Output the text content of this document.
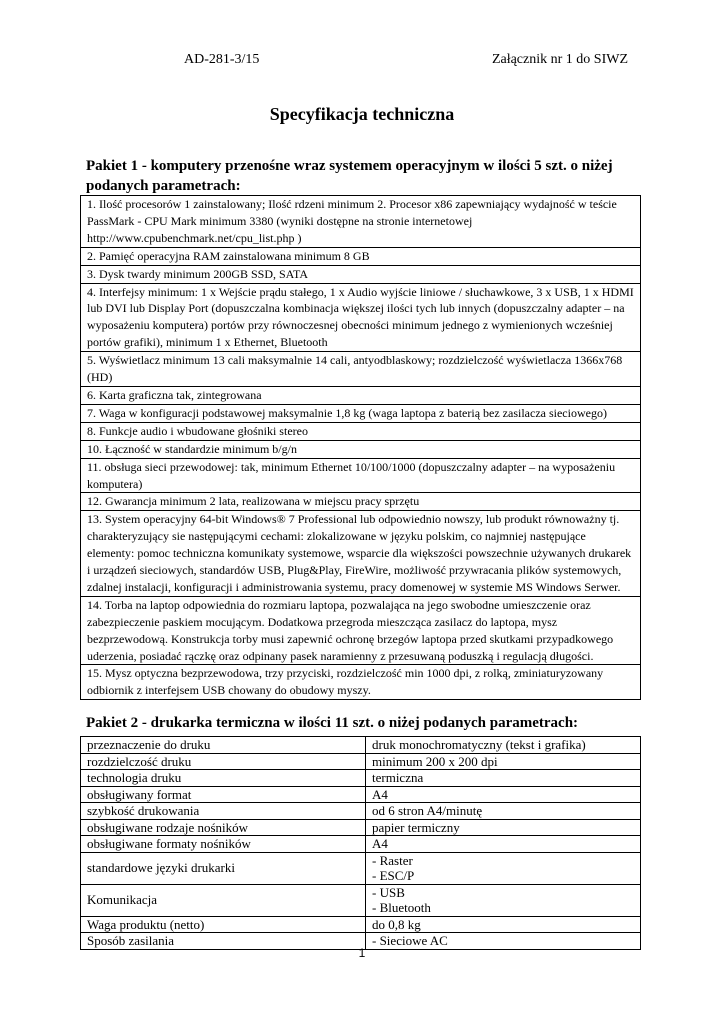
AD-281-3/15	Załącznik nr 1 do SIWZ
Specyfikacja techniczna
Pakiet 1 - komputery przenośne wraz systemem operacyjnym w ilości 5 szt. o niżej podanych parametrach:
1. Ilość procesorów 1 zainstalowany; Ilość rdzeni minimum 2. Procesor x86 zapewniający wydajność w teście PassMark - CPU Mark minimum 3380 (wyniki dostępne na stronie internetowej http://www.cpubenchmark.net/cpu_list.php )
2. Pamięć operacyjna RAM zainstalowana minimum 8 GB
3. Dysk twardy minimum 200GB SSD, SATA
4. Interfejsy minimum: 1 x Wejście prądu stałego, 1 x Audio wyjście liniowe / słuchawkowe, 3 x USB, 1 x HDMI lub DVI lub Display Port (dopuszczalna kombinacja większej ilości tych lub innych (dopuszczalny adapter – na wyposażeniu komputera) portów przy równoczesnej obecności minimum jednego z wymienionych wcześniej portów grafiki), minimum 1 x Ethernet, Bluetooth
5. Wyświetlacz minimum 13 cali maksymalnie 14 cali, antyodblaskowy; rozdzielczość wyświetlacza 1366x768 (HD)
6. Karta graficzna tak, zintegrowana
7. Waga w konfiguracji podstawowej maksymalnie 1,8 kg (waga laptopa z baterią bez zasilacza sieciowego)
8. Funkcje audio i wbudowane głośniki stereo
10. Łączność w standardzie minimum b/g/n
11. obsługa sieci przewodowej: tak, minimum Ethernet 10/100/1000 (dopuszczalny adapter – na wyposażeniu komputera)
12. Gwarancja minimum 2 lata, realizowana w miejscu pracy sprzętu
13. System operacyjny 64-bit Windows® 7 Professional lub odpowiednio nowszy, lub produkt równoważny tj. charakteryzujący sie następującymi cechami: zlokalizowane w języku polskim, co najmniej następujące elementy: pomoc techniczna komunikaty systemowe, wsparcie dla większości powszechnie używanych drukarek i urządzeń sieciowych, standardów USB, Plug&Play, FireWire, możliwość przywracania plików systemowych, zdalnej instalacji, konfiguracji i administrowania systemu, pracy domenowej w systemie MS Windows Serwer.
14. Torba na laptop odpowiednia do rozmiaru laptopa, pozwalająca na jego swobodne umieszczenie oraz zabezpieczenie paskiem mocującym. Dodatkowa przegroda mieszcząca zasilacz do laptopa, mysz bezprzewodową. Konstrukcja torby musi zapewnić ochronę brzegów laptopa przed skutkami przypadkowego uderzenia, posiadać rączkę oraz odpinany pasek naramienny z przesuwaną poduszką i regulacją długości.
15. Mysz optyczna bezprzewodowa, trzy przyciski, rozdzielczość min 1000 dpi, z rolką, zminiaturyzowany odbiornik z interfejsem USB chowany do obudowy myszy.
Pakiet 2 - drukarka termiczna w ilości 11 szt. o niżej podanych parametrach:
przeznaczenie do druku	druk monochromatyczny (tekst i grafika)
rozdzielczość druku	minimum 200 x 200 dpi
technologia druku	termiczna
obsługiwany format	A4
szybkość drukowania	od 6 stron A4/minutę
obsługiwane rodzaje nośników	papier termiczny
obsługiwane formaty nośników	A4
standardowe języki drukarki	- Raster
- ESC/P

Komunikacja	- USB
- Bluetooth

Waga produktu (netto)	do 0,8 kg
Sposób zasilania	- Sieciowe AC
1
